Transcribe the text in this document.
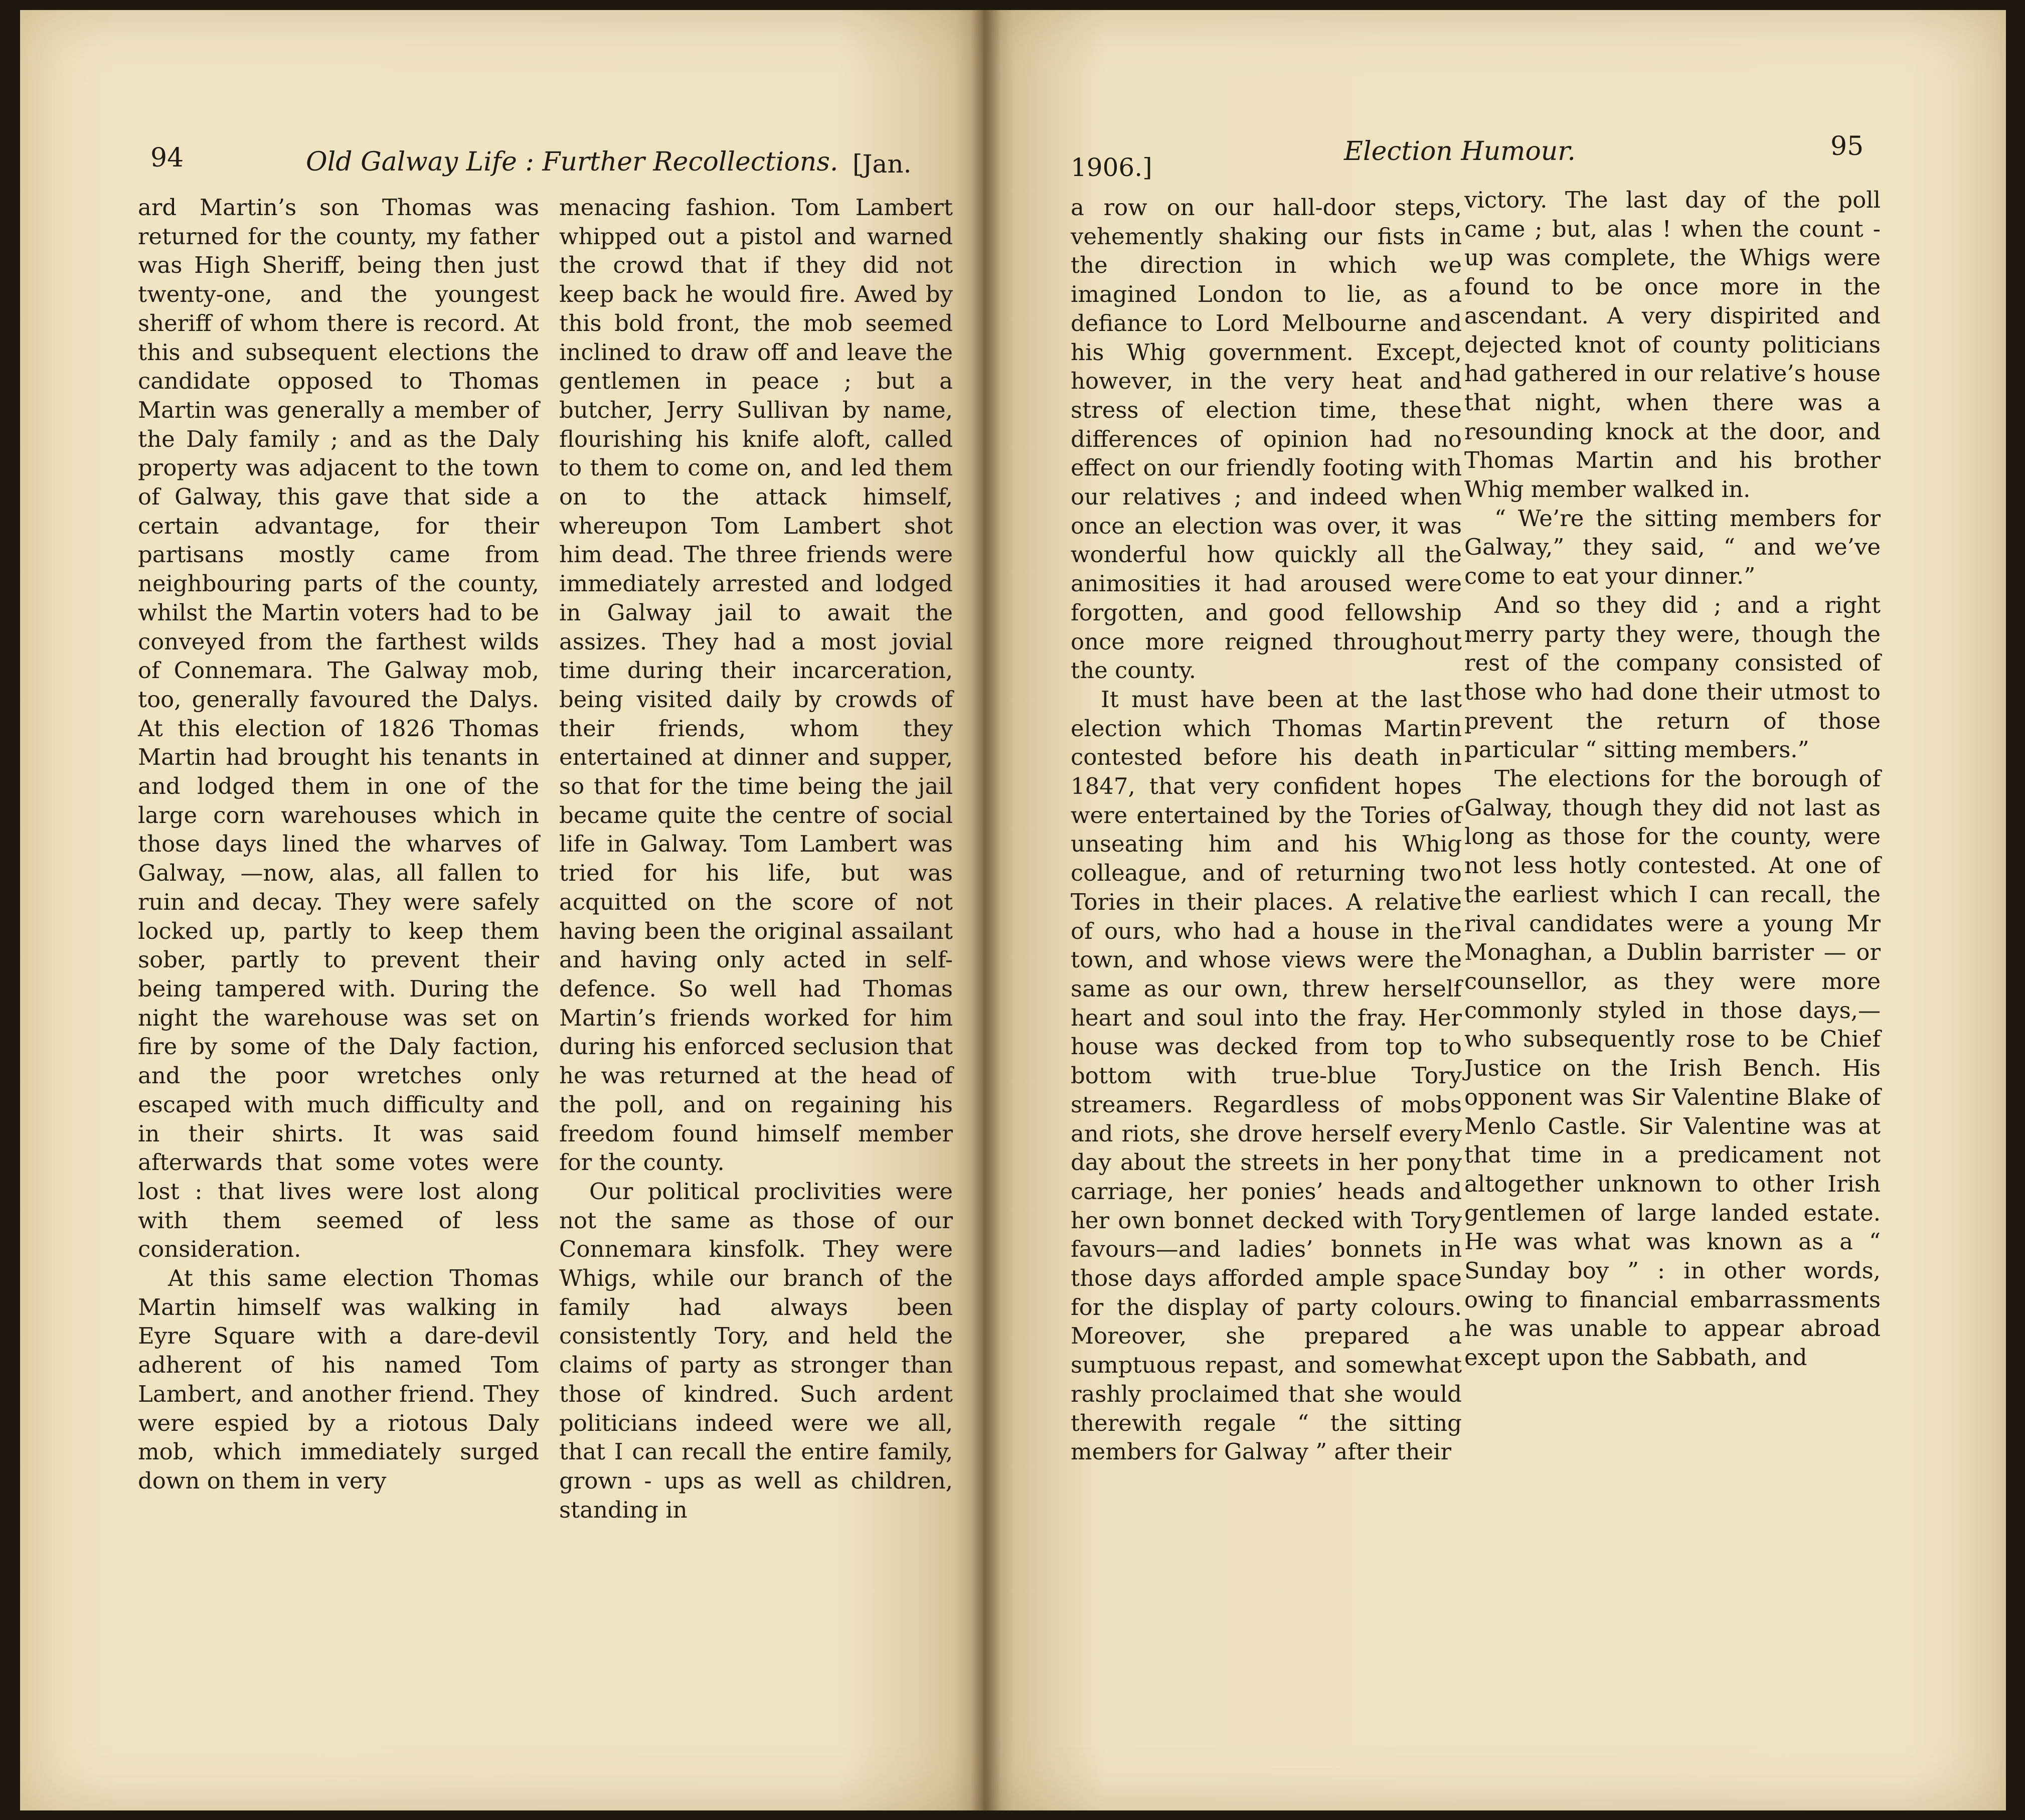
94	Old Galway Life : Further Recollections. [Jan.	1906.]
Election Humour.	95

ard Martin’s son Thomas was returned for the county, my father was High Sheriff, being then just twenty-one, and the youngest sheriff of whom there is record. At this and subsequent elections the candidate opposed to Thomas Martin was generally a member of the Daly family ; and as the Daly property was adjacent to the town of Galway, this gave that side a certain advantage, for their partisans mostly came from neighbouring parts of the county, whilst the Martin voters had to be conveyed from the farthest wilds of Connemara. The Galway mob, too, generally favoured the Dalys. At this election of 1826 Thomas Martin had brought his tenants in and lodged them in one of the large corn warehouses which in those days lined the wharves of Galway, —now, alas, all fallen to ruin and decay. They were safely locked up, partly to keep them sober, partly to prevent their being tampered with. During the night the warehouse was set on fire by some of the Daly faction, and the poor wretches only escaped with much difficulty and in their shirts. It was said afterwards that some votes were lost : that lives were lost along with them seemed of less consideration.

At this same election Thomas Martin himself was walking in Eyre Square with a dare-devil adherent of his named Tom Lambert, and another friend. They were espied by a riotous Daly mob, which immediately surged down on them in very

menacing fashion. Tom Lambert whipped out a pistol and warned the crowd that if they did not keep back he would fire. Awed by this bold front, the mob seemed inclined to draw off and leave the gentlemen in peace ; but a butcher, Jerry Sullivan by name, flourishing his knife aloft, called to them to come on, and led them on to the attack himself, whereupon Tom Lambert shot him dead. The three friends were immediately arrested and lodged in Galway jail to await the assizes. They had a most jovial time during their incarceration, being visited daily by crowds of their friends, whom they entertained at dinner and supper, so that for the time being the jail became quite the centre of social life in Galway. Tom Lambert was tried for his life, but was acquitted on the score of not having been the original assailant and having only acted in self-defence. So well had Thomas Martin’s friends worked for him during his enforced seclusion that he was returned at the head of the poll, and on regaining his freedom found himself member for the county.

Our political proclivities were not the same as those of our Connemara kinsfolk. They were Whigs, while our branch of the family had always been consistently Tory, and held the claims of party as stronger than those of kindred. Such ardent politicians indeed were we all, that I can recall the entire family, grown - ups as well as children, standing in

a row on our hall-door steps, vehemently shaking our fists in the direction in which we imagined London to lie, as a defiance to Lord Melbourne and his Whig government. Except, however, in the very heat and stress of election time, these differences of opinion had no effect on our friendly footing with our relatives ; and indeed when once an election was over, it was wonderful how quickly all the animosities it had aroused were forgotten, and good fellowship once more reigned throughout the county.

It must have been at the last election which Thomas Martin contested before his death in 1847, that very confident hopes were entertained by the Tories of unseating him and his Whig colleague, and of returning two Tories in their places. A relative of ours, who had a house in the town, and whose views were the same as our own, threw herself heart and soul into the fray. Her house was decked from top to bottom with true-blue Tory streamers. Regardless of mobs and riots, she drove herself every day about the streets in her pony carriage, her ponies’ heads and her own bonnet decked with Tory favours—and ladies’ bonnets in those days afforded ample space for the display of party colours. Moreover, she prepared a sumptuous repast, and somewhat rashly proclaimed that she would therewith regale “ the sitting members for Galway ” after their

victory. The last day of the poll came ; but, alas ! when the count - up was complete, the Whigs were found to be once more in the ascendant. A very dispirited and dejected knot of county politicians had gathered in our relative’s house that night, when there was a resounding knock at the door, and Thomas Martin and his brother Whig member walked in.

“ We’re the sitting members for Galway,” they said, “ and we’ve come to eat your dinner.”

And so they did ; and a right merry party they were, though the rest of the company consisted of those who had done their utmost to prevent the return of those particular “ sitting members.”

The elections for the borough of Galway, though they did not last as long as those for the county, were not less hotly contested. At one of the earliest which I can recall, the rival candidates were a young Mr Monaghan, a Dublin barrister — or counsellor, as they were more commonly styled in those days,—who subsequently rose to be Chief Justice on the Irish Bench. His opponent was Sir Valentine Blake of Menlo Castle. Sir Valentine was at that time in a predicament not altogether unknown to other Irish gentlemen of large landed estate. He was what was known as a “ Sunday boy ” : in other words, owing to financial embarrassments he was unable to appear abroad except upon the Sabbath, and
